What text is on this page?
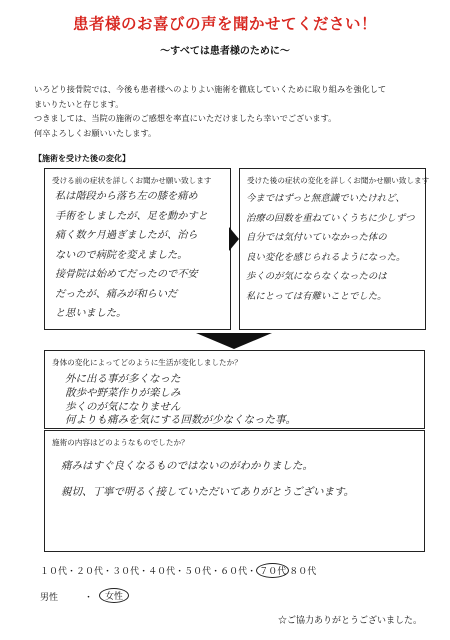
患者様のお喜びの声を聞かせてください！
〜すべては患者様のために〜
いろどり接骨院では、今後も患者様へのよりよい施術を徹底していくために取り組みを強化して
まいりたいと存じます。
つきましては、当院の施術のご感想を率直にいただけましたら幸いでございます。
何卒よろしくお願いいたします。
【施術を受けた後の変化】
受ける前の症状を詳しくお聞かせ願い致します
私は階段から落ち左の膝を痛め
手術をしましたが、足を動かすと
痛く数ケ月過ぎましたが、治ら
ないので病院を変えました。
接骨院は始めてだったので不安
だったが、痛みが和らいだ
と思いました。
受けた後の症状の変化を詳しくお聞かせ願い致します
今まではずっと無意識でいたけれど、
治療の回数を重ねていくうちに少しずつ
自分では気付いていなかった体の
良い変化を感じられるようになった。
歩くのが気にならなくなったのは
私にとっては有難いことでした。
身体の変化によってどのように生活が変化しましたか？
外に出る事が多くなった
散歩や野菜作りが楽しみ
歩くのが気になりません
何よりも痛みを気にする回数が少なくなった事。
施術の内容はどのようなものでしたか？
痛みはすぐ良くなるものではないのがわかりました。
親切、丁寧で明るく接していただいてありがとうございます。
１０代・２０代・３０代・４０代・５０代・６０代・ ７０代 ８０代
男性	・	女性
☆ご協力ありがとうございました。
